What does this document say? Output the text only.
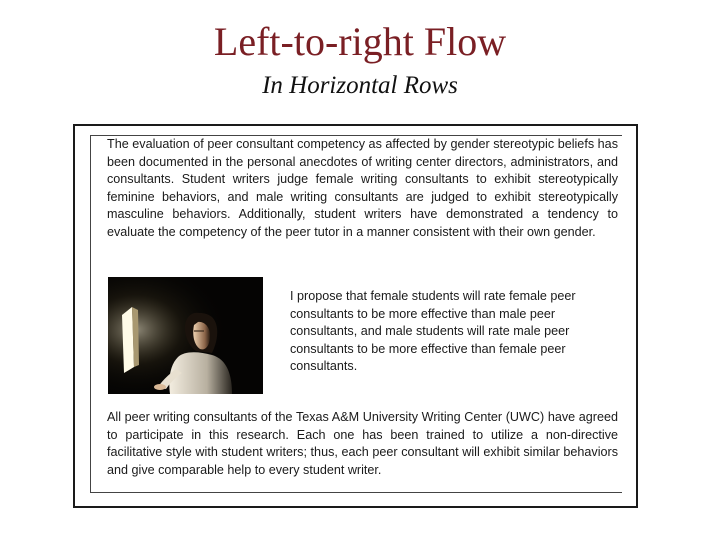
Left-to-right Flow
In Horizontal Rows

The evaluation of peer consultant competency as affected by gender stereotypic beliefs has been documented in the personal anecdotes of writing center directors, administrators, and consultants. Student writers judge female writing consultants to exhibit stereotypically feminine behaviors, and male writing consultants are judged to exhibit stereotypically masculine behaviors. Additionally, student writers have demonstrated a tendency to evaluate the competency of the peer tutor in a manner consistent with their own gender.

I propose that female students will rate female peer consultants to be more effective than male peer consultants, and male students will rate male peer consultants to be more effective than female peer consultants.

All peer writing consultants of the Texas A&M University Writing Center (UWC) have agreed to participate in this research. Each one has been trained to utilize a non-directive facilitative style with student writers; thus, each peer consultant will exhibit similar behaviors and give comparable help to every student writer.
